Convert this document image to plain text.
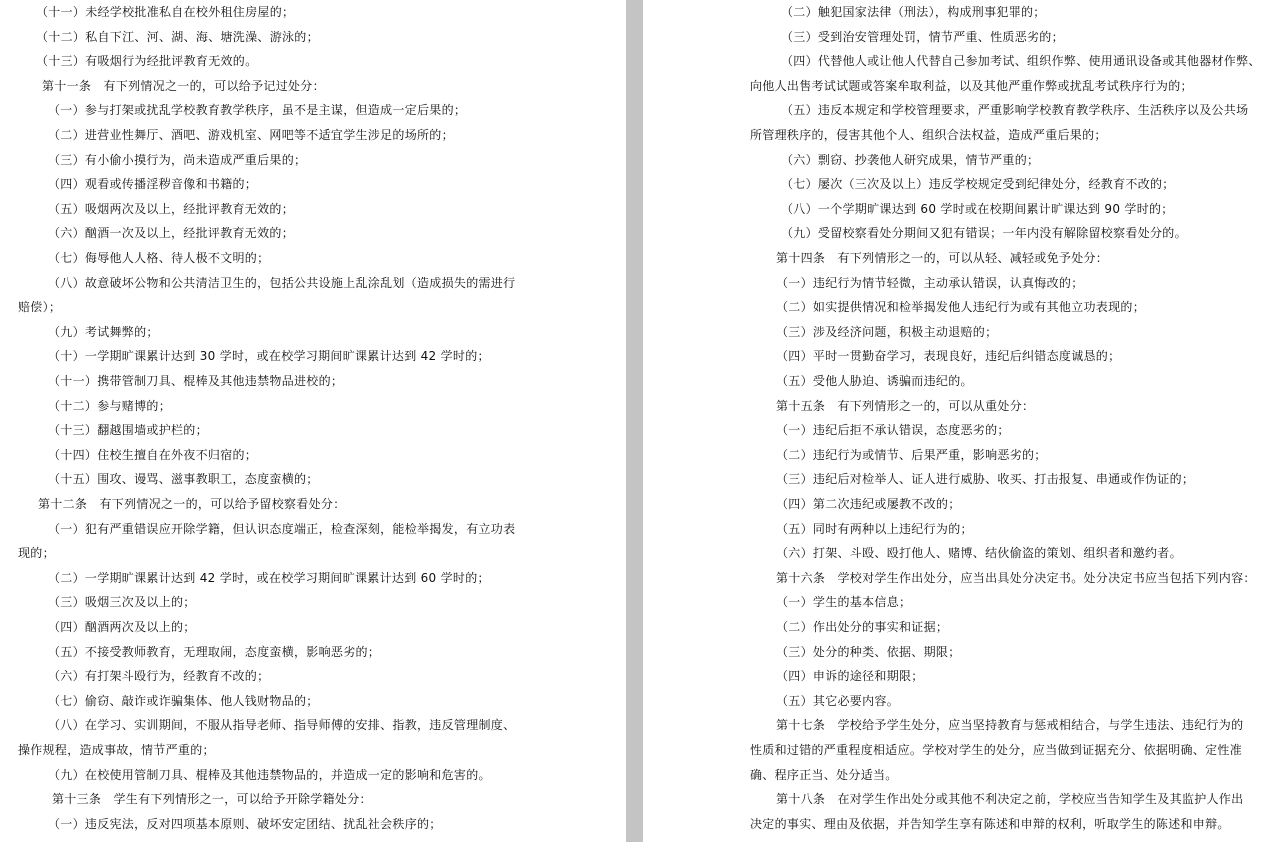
（十一）未经学校批准私自在校外租住房屋的；
（十二）私自下江、河、湖、海、塘洗澡、游泳的；
（十三）有吸烟行为经批评教育无效的。
第十一条　有下列情况之一的，可以给予记过处分：
（一）参与打架或扰乱学校教育教学秩序，虽不是主谋，但造成一定后果的；
（二）进营业性舞厅、酒吧、游戏机室、网吧等不适宜学生涉足的场所的；
（三）有小偷小摸行为，尚未造成严重后果的；
（四）观看或传播淫秽音像和书籍的；
（五）吸烟两次及以上，经批评教育无效的；
（六）酗酒一次及以上，经批评教育无效的；
（七）侮辱他人人格、待人极不文明的；
（八）故意破坏公物和公共清洁卫生的，包括公共设施上乱涂乱划（造成损失的需进行
赔偿）；
（九）考试舞弊的；
（十）一学期旷课累计达到 30 学时，或在校学习期间旷课累计达到 42 学时的；
（十一）携带管制刀具、棍棒及其他违禁物品进校的；
（十二）参与赌博的；
（十三）翻越围墙或护栏的；
（十四）住校生擅自在外夜不归宿的；
（十五）围攻、谩骂、滋事教职工，态度蛮横的；
第十二条　有下列情况之一的，可以给予留校察看处分：
（一）犯有严重错误应开除学籍，但认识态度端正，检查深刻，能检举揭发，有立功表
现的；
（二）一学期旷课累计达到 42 学时，或在校学习期间旷课累计达到 60 学时的；
（三）吸烟三次及以上的；
（四）酗酒两次及以上的；
（五）不接受教师教育，无理取闹，态度蛮横，影响恶劣的；
（六）有打架斗殴行为，经教育不改的；
（七）偷窃、敲诈或诈骗集体、他人钱财物品的；
（八）在学习、实训期间，不服从指导老师、指导师傅的安排、指教，违反管理制度、
操作规程，造成事故，情节严重的；
（九）在校使用管制刀具、棍棒及其他违禁物品的，并造成一定的影响和危害的。
第十三条　学生有下列情形之一，可以给予开除学籍处分：
（一）违反宪法，反对四项基本原则、破坏安定团结、扰乱社会秩序的；
（二）触犯国家法律（刑法），构成刑事犯罪的；
（三）受到治安管理处罚，情节严重、性质恶劣的；
（四）代替他人或让他人代替自己参加考试、组织作弊、使用通讯设备或其他器材作弊、
向他人出售考试试题或答案牟取利益，以及其他严重作弊或扰乱考试秩序行为的；
（五）违反本规定和学校管理要求，严重影响学校教育教学秩序、生活秩序以及公共场
所管理秩序的，侵害其他个人、组织合法权益，造成严重后果的；
（六）剽窃、抄袭他人研究成果，情节严重的；
（七）屡次（三次及以上）违反学校规定受到纪律处分，经教育不改的；
（八）一个学期旷课达到 60 学时或在校期间累计旷课达到 90 学时的；
（九）受留校察看处分期间又犯有错误；一年内没有解除留校察看处分的。
第十四条　有下列情形之一的，可以从轻、减轻或免予处分：
（一）违纪行为情节轻微，主动承认错误，认真悔改的；
（二）如实提供情况和检举揭发他人违纪行为或有其他立功表现的；
（三）涉及经济问题，积极主动退赔的；
（四）平时一贯勤奋学习，表现良好，违纪后纠错态度诚恳的；
（五）受他人胁迫、诱骗而违纪的。
第十五条　有下列情形之一的，可以从重处分：
（一）违纪后拒不承认错误，态度恶劣的；
（二）违纪行为或情节、后果严重，影响恶劣的；
（三）违纪后对检举人、证人进行威胁、收买、打击报复、串通或作伪证的；
（四）第二次违纪或屡教不改的；
（五）同时有两种以上违纪行为的；
（六）打架、斗殴、殴打他人、赌博、结伙偷盗的策划、组织者和邀约者。
第十六条　学校对学生作出处分，应当出具处分决定书。处分决定书应当包括下列内容：
（一）学生的基本信息；
（二）作出处分的事实和证据；
（三）处分的种类、依据、期限；
（四）申诉的途径和期限；
（五）其它必要内容。
第十七条　学校给予学生处分，应当坚持教育与惩戒相结合，与学生违法、违纪行为的
性质和过错的严重程度相适应。学校对学生的处分，应当做到证据充分、依据明确、定性准
确、程序正当、处分适当。
第十八条　在对学生作出处分或其他不利决定之前，学校应当告知学生及其监护人作出
决定的事实、理由及依据，并告知学生享有陈述和申辩的权利，听取学生的陈述和申辩。
